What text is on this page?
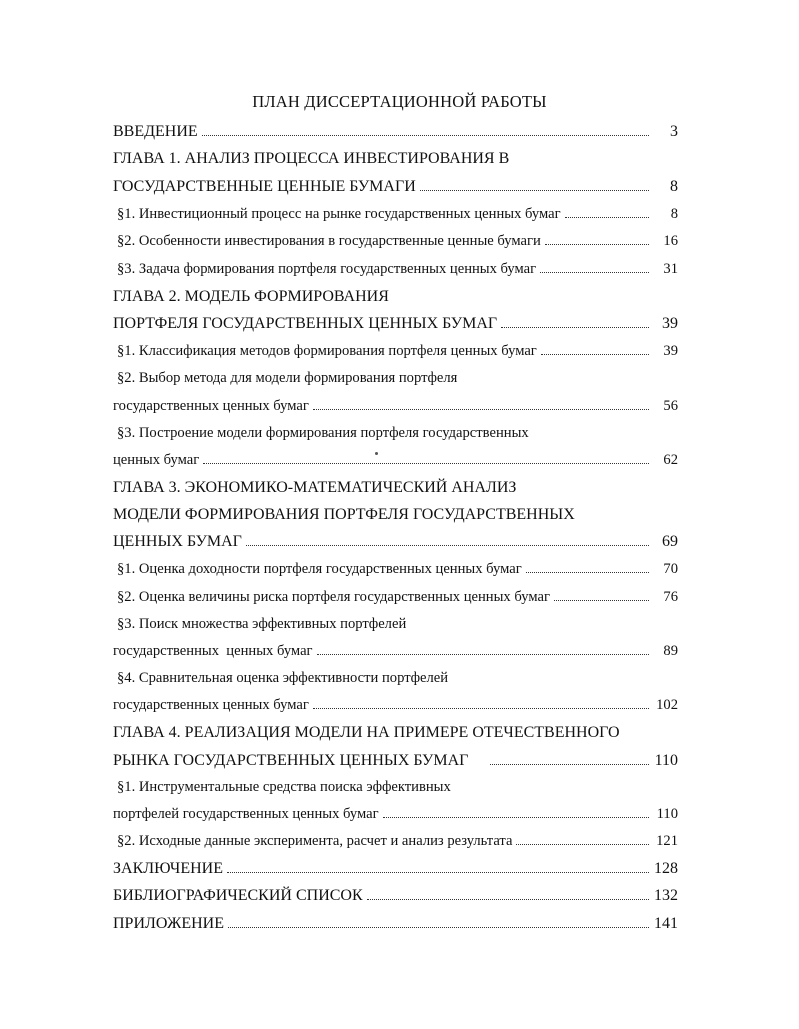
ПЛАН ДИССЕРТАЦИОННОЙ РАБОТЫ
ВВЕДЕНИЕ	3
ГЛАВА 1. АНАЛИЗ ПРОЦЕССА ИНВЕСТИРОВАНИЯ В
ГОСУДАРСТВЕННЫЕ ЦЕННЫЕ БУМАГИ	8
§1. Инвестиционный процесс на рынке государственных ценных бумаг	8
§2. Особенности инвестирования в государственные ценные бумаги	16
§3. Задача формирования портфеля государственных ценных бумаг	31
ГЛАВА 2. МОДЕЛЬ ФОРМИРОВАНИЯ
ПОРТФЕЛЯ ГОСУДАРСТВЕННЫХ ЦЕННЫХ БУМАГ	39
§1. Классификация методов формирования портфеля ценных бумаг	39
§2. Выбор метода для модели формирования портфеля
государственных ценных бумаг	56
§3. Построение модели формирования портфеля государственных
ценных бумаг	62
ГЛАВА 3. ЭКОНОМИКО-МАТЕМАТИЧЕСКИЙ АНАЛИЗ
МОДЕЛИ ФОРМИРОВАНИЯ ПОРТФЕЛЯ ГОСУДАРСТВЕННЫХ
ЦЕННЫХ БУМАГ	69
§1. Оценка доходности портфеля государственных ценных бумаг	70
§2. Оценка величины риска портфеля государственных ценных бумаг	76
§3. Поиск множества эффективных портфелей
государственных  ценных бумаг	89
§4. Сравнительная оценка эффективности портфелей
государственных ценных бумаг	102
ГЛАВА 4. РЕАЛИЗАЦИЯ МОДЕЛИ НА ПРИМЕРЕ ОТЕЧЕСТВЕННОГО
РЫНКА ГОСУДАРСТВЕННЫХ ЦЕННЫХ БУМАГ	110
§1. Инструментальные средства поиска эффективных
портфелей государственных ценных бумаг	110
§2. Исходные данные эксперимента, расчет и анализ результата	121
ЗАКЛЮЧЕНИЕ	128
БИБЛИОГРАФИЧЕСКИЙ СПИСОК	132
ПРИЛОЖЕНИЕ	141
